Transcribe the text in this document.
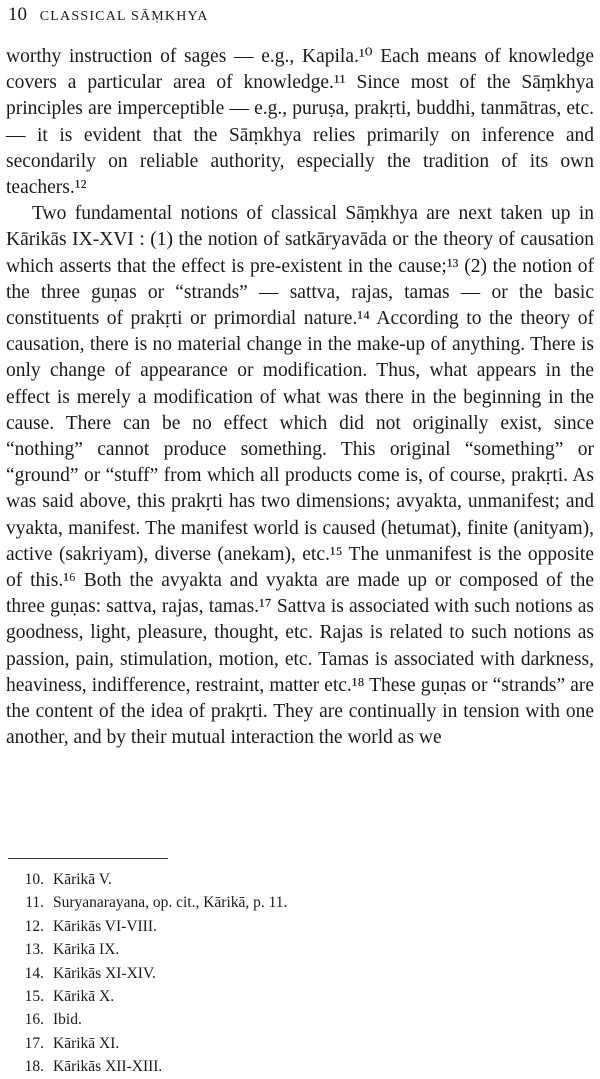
10 CLASSICAL SĀṂKHYA

worthy instruction of sages — e.g., Kapila.¹⁰ Each means of knowledge covers a particular area of knowledge.¹¹ Since most of the Sāṃkhya principles are imperceptible — e.g., puruṣa, prakṛti, buddhi, tanmātras, etc. — it is evident that the Sāṃkhya relies primarily on inference and secondarily on reliable authority, especially the tradition of its own teachers.¹²

Two fundamental notions of classical Sāṃkhya are next taken up in Kārikās IX-XVI : (1) the notion of satkāryavāda or the theory of causation which asserts that the effect is pre-existent in the cause;¹³ (2) the notion of the three guṇas or “strands” — sattva, rajas, tamas — or the basic constituents of prakṛti or primordial nature.¹⁴ According to the theory of causation, there is no material change in the make-up of anything. There is only change of appearance or modification. Thus, what appears in the effect is merely a modification of what was there in the beginning in the cause. There can be no effect which did not originally exist, since “nothing” cannot produce something. This original “something” or “ground” or “stuff” from which all products come is, of course, prakṛti. As was said above, this prakṛti has two dimensions; avyakta, unmanifest; and vyakta, manifest. The manifest world is caused (hetumat), finite (anityam), active (sakriyam), diverse (anekam), etc.¹⁵ The unmanifest is the opposite of this.¹⁶ Both the avyakta and vyakta are made up or composed of the three guṇas: sattva, rajas, tamas.¹⁷ Sattva is associated with such notions as goodness, light, pleasure, thought, etc. Rajas is related to such notions as passion, pain, stimulation, motion, etc. Tamas is associated with darkness, heaviness, indifference, restraint, matter etc.¹⁸ These guṇas or “strands” are the content of the idea of prakṛti. They are continually in tension with one another, and by their mutual interaction the world as we

10. Kārikā V.
11. Suryanarayana, op. cit., Kārikā, p. 11.
12. Kārikās VI-VIII.
13. Kārikā IX.
14. Kārikās XI-XIV.
15. Kārikā X.
16. Ibid.
17. Kārikā XI.
18. Kārikās XII-XIII.
